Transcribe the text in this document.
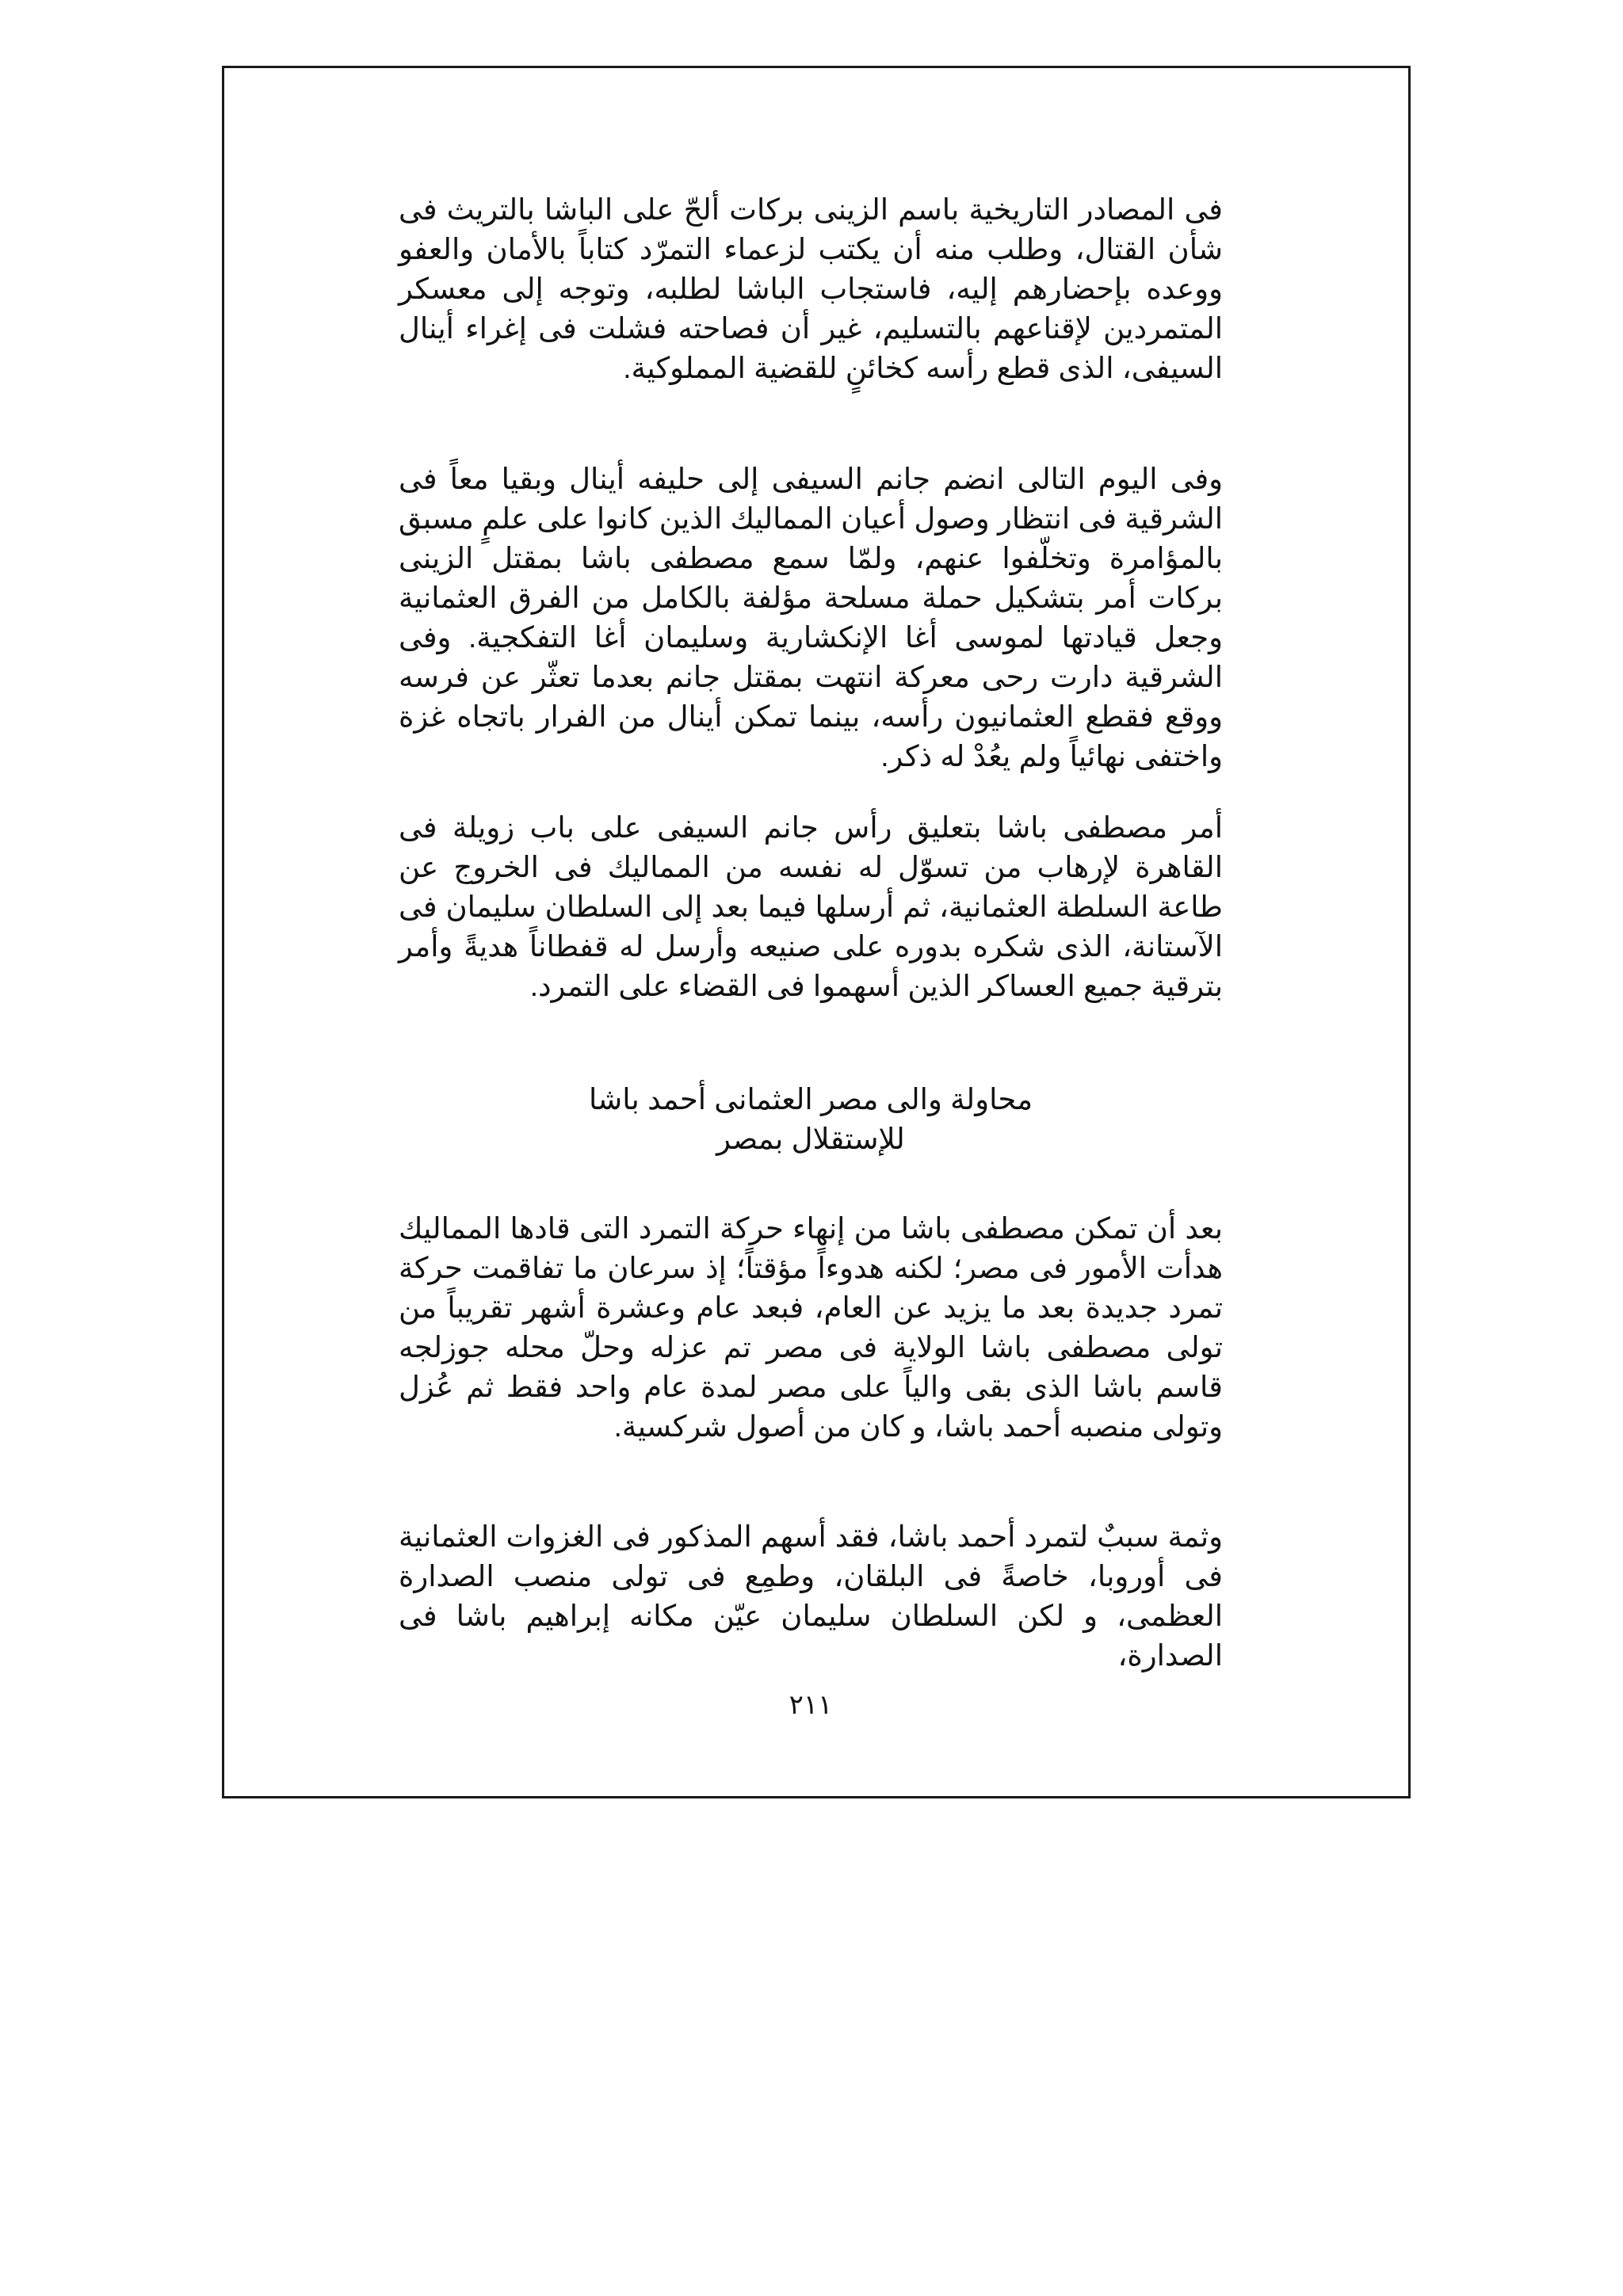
فى المصادر التاريخية باسم الزينى بركات ألحّ على الباشا بالتريث فى شأن القتال، وطلب منه أن يكتب لزعماء التمرّد كتاباً بالأمان والعفو ووعده بإحضارهم إليه، فاستجاب الباشا لطلبه، وتوجه إلى معسكر المتمردين لإقناعهم بالتسليم، غير أن فصاحته فشلت فى إغراء أينال السيفى، الذى قطع رأسه كخائنٍ للقضية المملوكية.

وفى اليوم التالى انضم جانم السيفى إلى حليفه أينال وبقيا معاً فى الشرقية فى انتظار وصول أعيان المماليك الذين كانوا على علمٍ مسبق بالمؤامرة وتخلّفوا عنهم، ولمّا سمع مصطفى باشا بمقتل الزينى بركات أمر بتشكيل حملة مسلحة مؤلفة بالكامل من الفرق العثمانية وجعل قيادتها لموسى أغا الإنكشارية وسليمان أغا التفكجية. وفى الشرقية دارت رحى معركة انتهت بمقتل جانم بعدما تعثّر عن فرسه ووقع فقطع العثمانيون رأسه، بينما تمكن أينال من الفرار باتجاه غزة واختفى نهائياً ولم يعُدْ له ذكر.

أمر مصطفى باشا بتعليق رأس جانم السيفى على باب زويلة فى القاهرة لإرهاب من تسوّل له نفسه من المماليك فى الخروج عن طاعة السلطة العثمانية، ثم أرسلها فيما بعد إلى السلطان سليمان فى الآستانة، الذى شكره بدوره على صنيعه وأرسل له قفطاناً هديةً وأمر بترقية جميع العساكر الذين أسهموا فى القضاء على التمرد.

محاولة والى مصر العثمانى أحمد باشا
للإستقلال بمصر

بعد أن تمكن مصطفى باشا من إنهاء حركة التمرد التى قادها المماليك هدأت الأمور فى مصر؛ لكنه هدوءاً مؤقتاً؛ إذ سرعان ما تفاقمت حركة تمرد جديدة بعد ما يزيد عن العام، فبعد عام وعشرة أشهر تقريباً من تولى مصطفى باشا الولاية فى مصر تم عزله وحلّ محله جوزلجه قاسم باشا الذى بقى والياً على مصر لمدة عام واحد فقط ثم عُزل وتولى منصبه أحمد باشا، و كان من أصول شركسية.

وثمة سببٌ لتمرد أحمد باشا، فقد أسهم المذكور فى الغزوات العثمانية فى أوروبا، خاصةً فى البلقان، وطمِع فى تولى منصب الصدارة العظمى، و لكن السلطان سليمان عيّن مكانه إبراهيم باشا فى الصدارة،

٢١١
